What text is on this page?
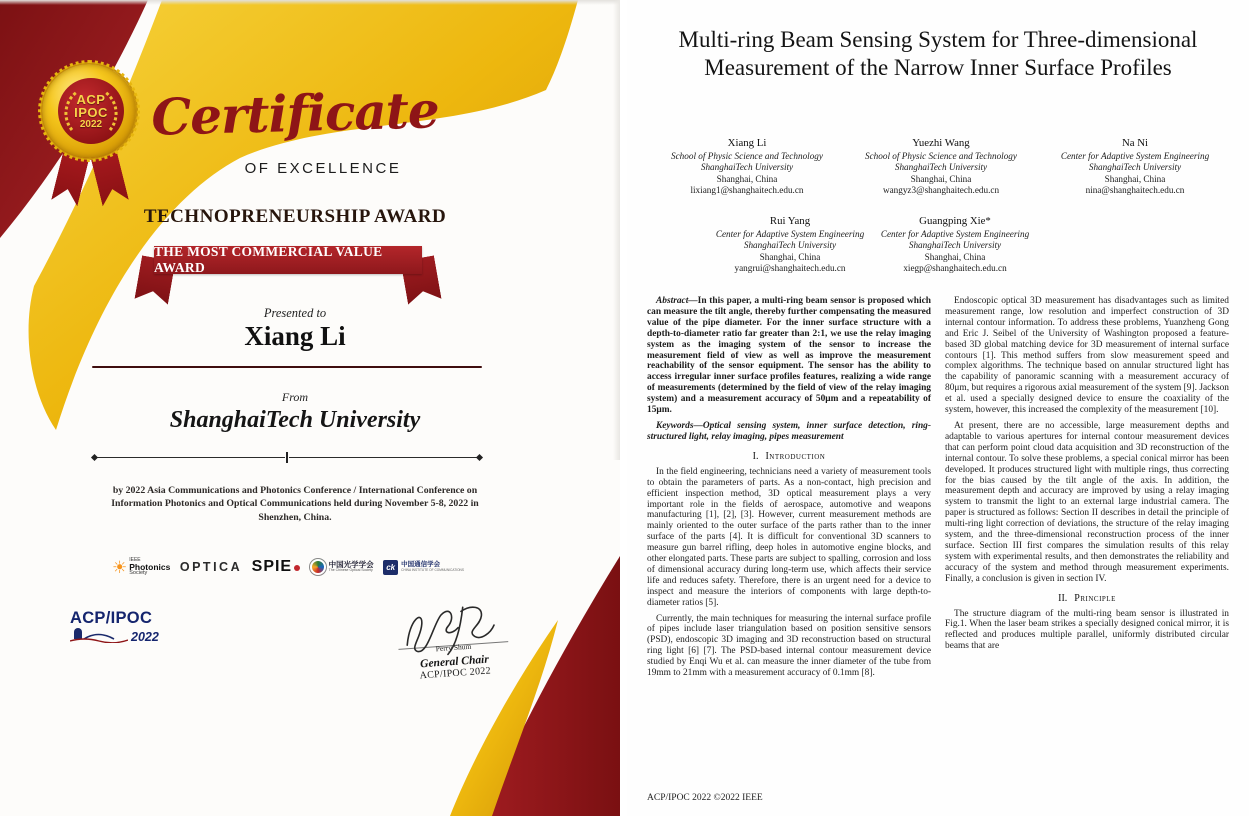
ACP
IPOC
2022 Certificate
OF EXCELLENCE
TECHNOPRENEURSHIP AWARD
THE MOST COMMERCIAL VALUE AWARD
Presented to
Xiang Li
From
ShanghaiTech University

by 2022 Asia Communications and Photonics Conference / International Conference on Information Photonics and Optical Communications held during November 5-8, 2022 in Shenzhen, China.

☀ IEEE
Photonics
Society	OPTICA SPIE	中国光学学会
The Chinese Optical Society	ck 中国通信学会
CHINA INSTITUTE OF COMMUNICATIONS
ACP/IPOC
2022
Perry Shum
General Chair
ACP/IPOC 2022
Multi-ring Beam Sensing System for Three-dimensional Measurement of the Narrow Inner Surface Profiles
Xiang Li
School of Physic Science and Technology
ShanghaiTech University
Shanghai, China
lixiang1@shanghaitech.edu.cn
Yuezhi Wang
School of Physic Science and Technology
ShanghaiTech University
Shanghai, China
wangyz3@shanghaitech.edu.cn
Na Ni
Center for Adaptive System Engineering
ShanghaiTech University
Shanghai, China
nina@shanghaitech.edu.cn
Rui Yang
Center for Adaptive System Engineering
ShanghaiTech University
Shanghai, China
yangrui@shanghaitech.edu.cn
Guangping Xie*
Center for Adaptive System Engineering
ShanghaiTech University
Shanghai, China
xiegp@shanghaitech.edu.cn

Abstract—In this paper, a multi-ring beam sensor is proposed which can measure the tilt angle, thereby further compensating the measured value of the pipe diameter. For the inner surface structure with a depth-to-diameter ratio far greater than 2:1, we use the relay imaging system as the imaging system of the sensor to increase the measurement field of view as well as improve the measurement reachability of the sensor equipment. The sensor has the ability to access irregular inner surface profiles features, realizing a wide range of measurements (determined by the field of view of the relay imaging system) and a measurement accuracy of 50μm and a repeatability of 15μm.

Keywords—Optical sensing system, inner surface detection, ring-structured light, relay imaging, pipes measurement

I. Introduction

In the field engineering, technicians need a variety of measurement tools to obtain the parameters of parts. As a non-contact, high precision and efficient inspection method, 3D optical measurement plays a very important role in the fields of aerospace, automotive and weapons manufacturing [1], [2], [3]. However, current measurement methods are mainly oriented to the outer surface of the parts rather than to the inner surface of the parts [4]. It is difficult for conventional 3D scanners to measure gun barrel rifling, deep holes in automotive engine blocks, and other elongated parts. These parts are subject to spalling, corrosion and loss of dimensional accuracy during long-term use, which affects their service life and reduces safety. Therefore, there is an urgent need for a device to inspect and measure the interiors of components with large depth-to-diameter ratios [5].

Currently, the main techniques for measuring the internal surface profile of pipes include laser triangulation based on position sensitive sensors (PSD), endoscopic 3D imaging and 3D reconstruction based on structural ring light [6] [7]. The PSD-based internal contour measurement device studied by Enqi Wu et al. can measure the inner diameter of the tube from 19mm to 21mm with a measurement accuracy of 0.1mm [8].

Endoscopic optical 3D measurement has disadvantages such as limited measurement range, low resolution and imperfect construction of 3D internal contour information. To address these problems, Yuanzheng Gong and Eric J. Seibel of the University of Washington proposed a feature-based 3D global matching device for 3D measurement of internal surface contours [1]. This method suffers from slow measurement speed and complex algorithms. The technique based on annular structured light has the capability of panoramic scanning with a measurement accuracy of 80μm, but requires a rigorous axial measurement of the system [9]. Jackson et al. used a specially designed device to ensure the coaxiality of the system, however, this increased the complexity of the measurement [10].

At present, there are no accessible, large measurement depths and adaptable to various apertures for internal contour measurement devices that can perform point cloud data acquisition and 3D reconstruction of the internal contour. To solve these problems, a special conical mirror has been developed. It produces structured light with multiple rings, thus correcting for the bias caused by the tilt angle of the axis. In addition, the measurement depth and accuracy are improved by using a relay imaging system to transmit the light to an external large industrial camera. The paper is structured as follows: Section II describes in detail the principle of multi-ring light correction of deviations, the structure of the relay imaging system, and the three-dimensional reconstruction process of the inner surface. Section III first compares the simulation results of this relay system with experimental results, and then demonstrates the reliability and accuracy of the system and method through measurement experiments. Finally, a conclusion is given in section IV.

II. Principle

The structure diagram of the multi-ring beam sensor is illustrated in Fig.1. When the laser beam strikes a specially designed conical mirror, it is reflected and produces multiple parallel, uniformly distributed circular beams that are

ACP/IPOC 2022 ©2022 IEEE
